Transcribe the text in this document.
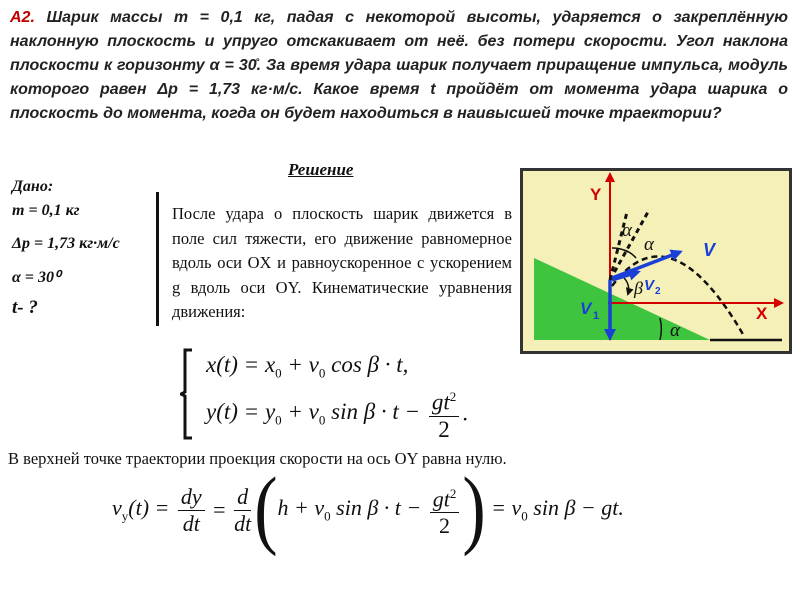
А2. Шарик массы m = 0,1 кг, падая с некоторой высоты, ударяется о закреплённую наклонную плоскость и упруго отскакивает от неё. без потери скорости. Угол наклона плоскости к горизонту α = 30̊. За время удара шарик получает приращение импульса, модуль которого равен Δp = 1,73 кг·м/с. Какое время t пройдёт от момента удара шарика о плоскость до момента, когда он будет находиться в наивысшей точке траектории?
Дано:
m = 0,1 кг
Δp = 1,73 кг·м/с
α = 30⁰
t- ?
Решение
После удара о плоскость шарик движется в поле сил тяжести, его движение равномерное вдоль оси OX и равноускоренное с ускорением g вдоль оси OY. Кинематические уравнения движения:
Y
X
V
V 1
V 2
α
α
β
α
$x(t) = x_0 + v_0$ cos β · t,
$y(t) = y_0 + v_0$ $\sin \beta \cdot t - \frac{gt^2}{2}$ .
В верхней точке траектории проекция скорости на ось OY равна нулю.
$v_y(t) = \frac{dy}{dt} = \frac{d}{dt} (h + v_0$ $\sin \beta \cdot t - \frac{gt^2}{2}$ ) = $v_0$ sin β − gt.
